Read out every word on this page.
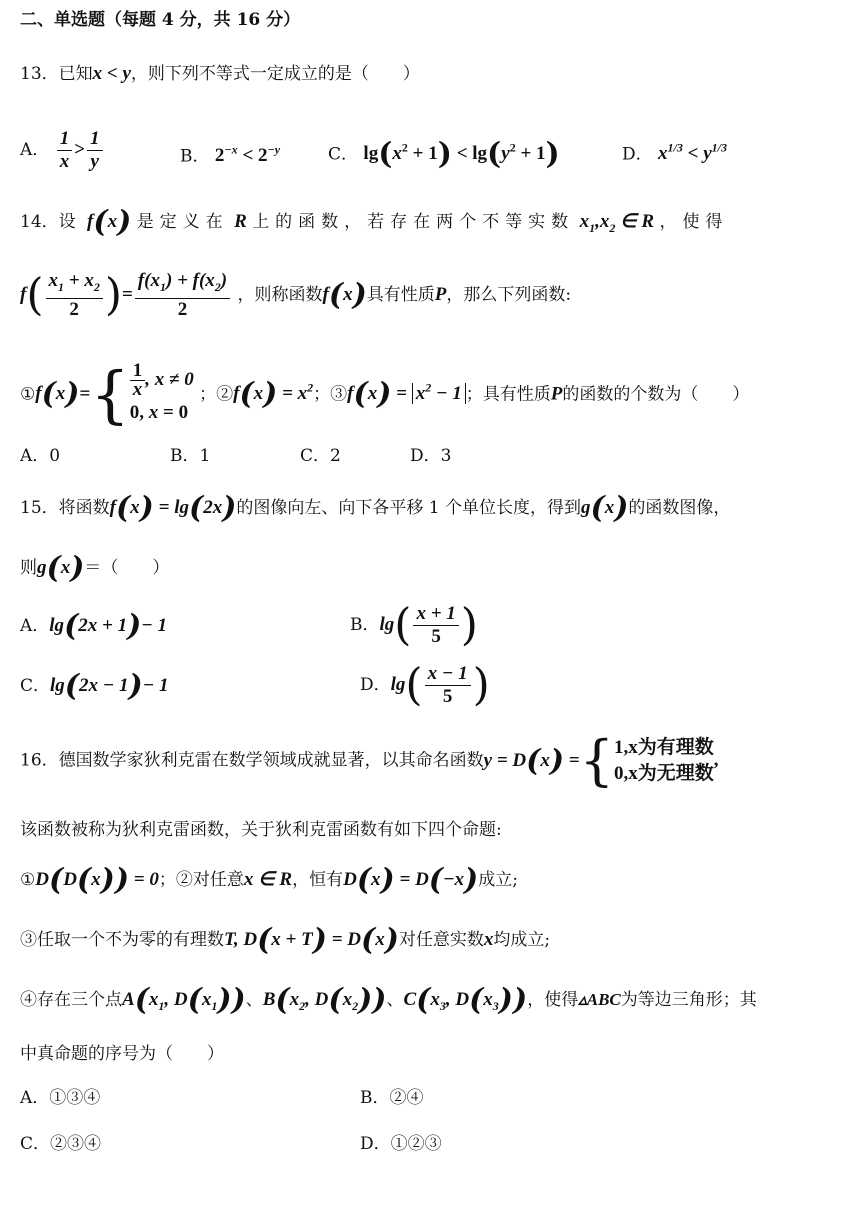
二、单选题（每题 4 分，共 16 分）
13．已知x < y，则下列不等式一定成立的是（　　）
A． $\frac{1}{x} > \frac{1}{y}$	B． $2^{-x} < 2^{-y}$	C． $\lg(x^2 + 1) < \lg(y^2 + 1)$	D． $x^{1/3} < y^{1/3}$
14．设 f(x) 是定义在 R 上的函数，若存在两个不等实数 $x_1,x_2$ ∈ R ，使得
$f( \frac{x_1 + x_2}{2}$ )= $\frac{f(x_1) + f(x_2)}{2}$ ，则称函数f(x)具有性质P，那么下列函数:
①f(x)={ $\frac{1}{x}$ , x ≠ 0
0, x = 0
；②f(x) = $x^2$；③f(x) = $x^2 - 1$ ；具有性质P的函数的个数为（　　）
A．0	B．1	C．2	D．3
15．将函数f(x) = lg(2x)的图像向左、向下各平移 1 个单位长度，得到g(x)的函数图像，
则g(x)＝（　　）
A．lg(2x + 1)− 1	B．$\lg( \frac{x + 1}{5}$ )
C．lg(2x − 1)− 1	D．$\lg( \frac{x - 1}{5}$ )
16．德国数学家狄利克雷在数学领域成就显著，以其命名函数y = D(x) ={ 1,x为有理数
0,x为无理数
,
该函数被称为狄利克雷函数，关于狄利克雷函数有如下四个命题:
①D(D(x)) = 0；②对任意x ∈ R，恒有D(x) = D(−x)成立;
③任取一个不为零的有理数T, D(x + T) = D(x)对任意实数x均成立;
④存在三个点$A(x_1$, $D(x_1)$)、$B(x_2$, $D(x_2)$)、$C(x_3$, $D(x_3)$)，使得▵ABC为等边三角形；其
中真命题的序号为（　　）
A．①③④	B．②④
C．②③④	D．①②③
